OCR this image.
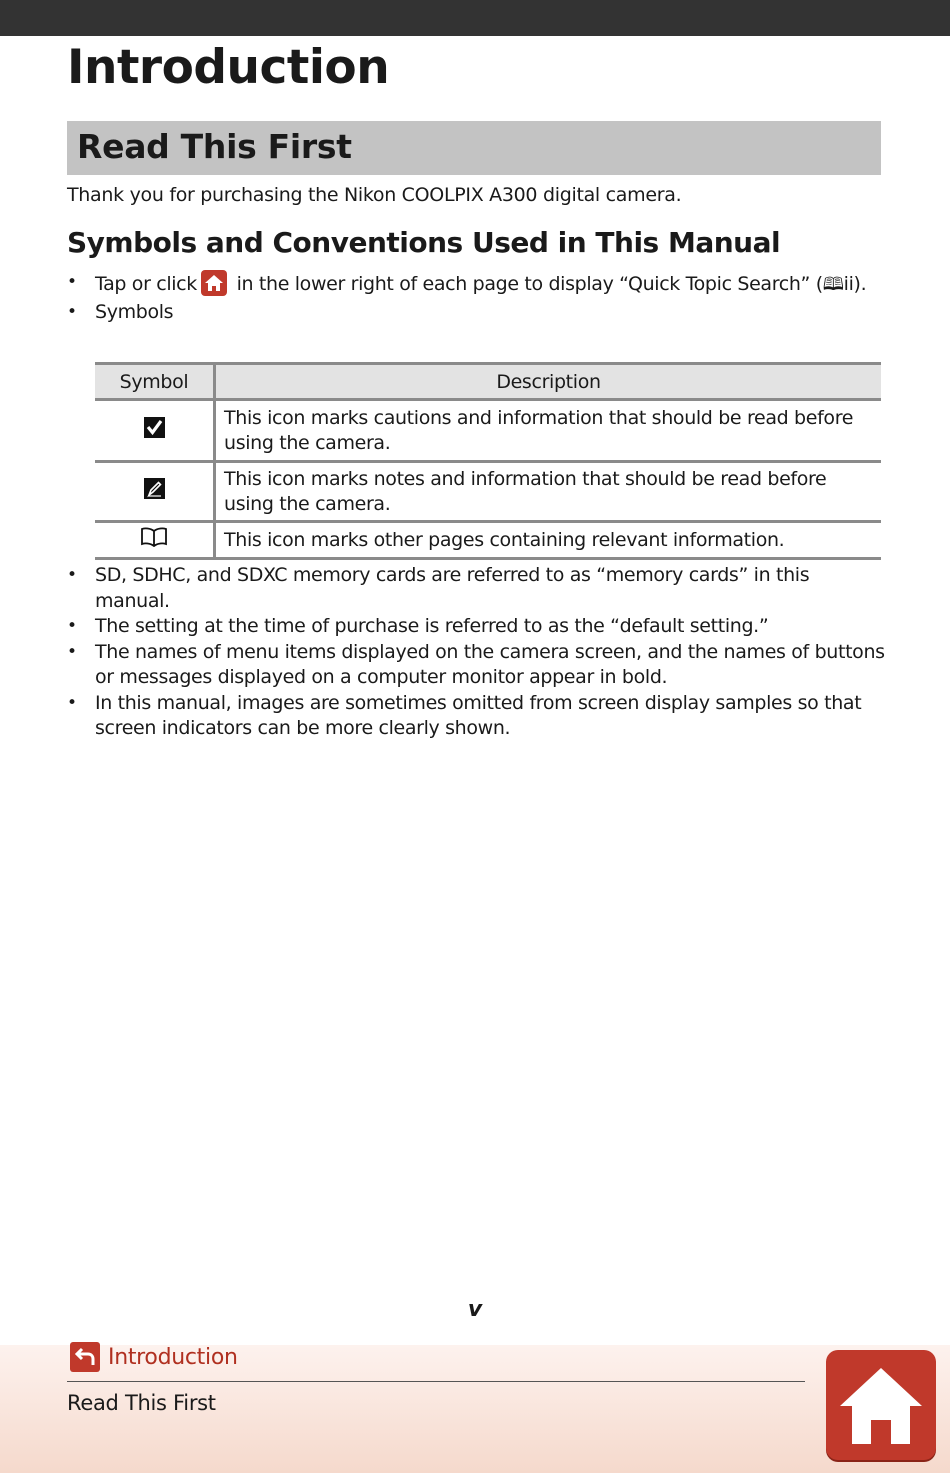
Introduction
Read This First
Thank you for purchasing the Nikon COOLPIX A300 digital camera.
Symbols and Conventions Used in This Manual
• Tap or click
in the lower right of each page to display “Quick Topic Search” (🕮ii).
• Symbols
Symbol	Description

	This icon marks cautions and information that should be read before using the camera.

	This icon marks notes and information that should be read before using the camera.
	This icon marks other pages containing relevant information.
• SD, SDHC, and SDXC memory cards are referred to as “memory cards” in this manual.
• The setting at the time of purchase is referred to as the “default setting.”
• The names of menu items displayed on the camera screen, and the names of buttons or messages displayed on a computer monitor appear in bold.
• In this manual, images are sometimes omitted from screen display samples so that screen indicators can be more clearly shown.
v
Introduction
Read This First
